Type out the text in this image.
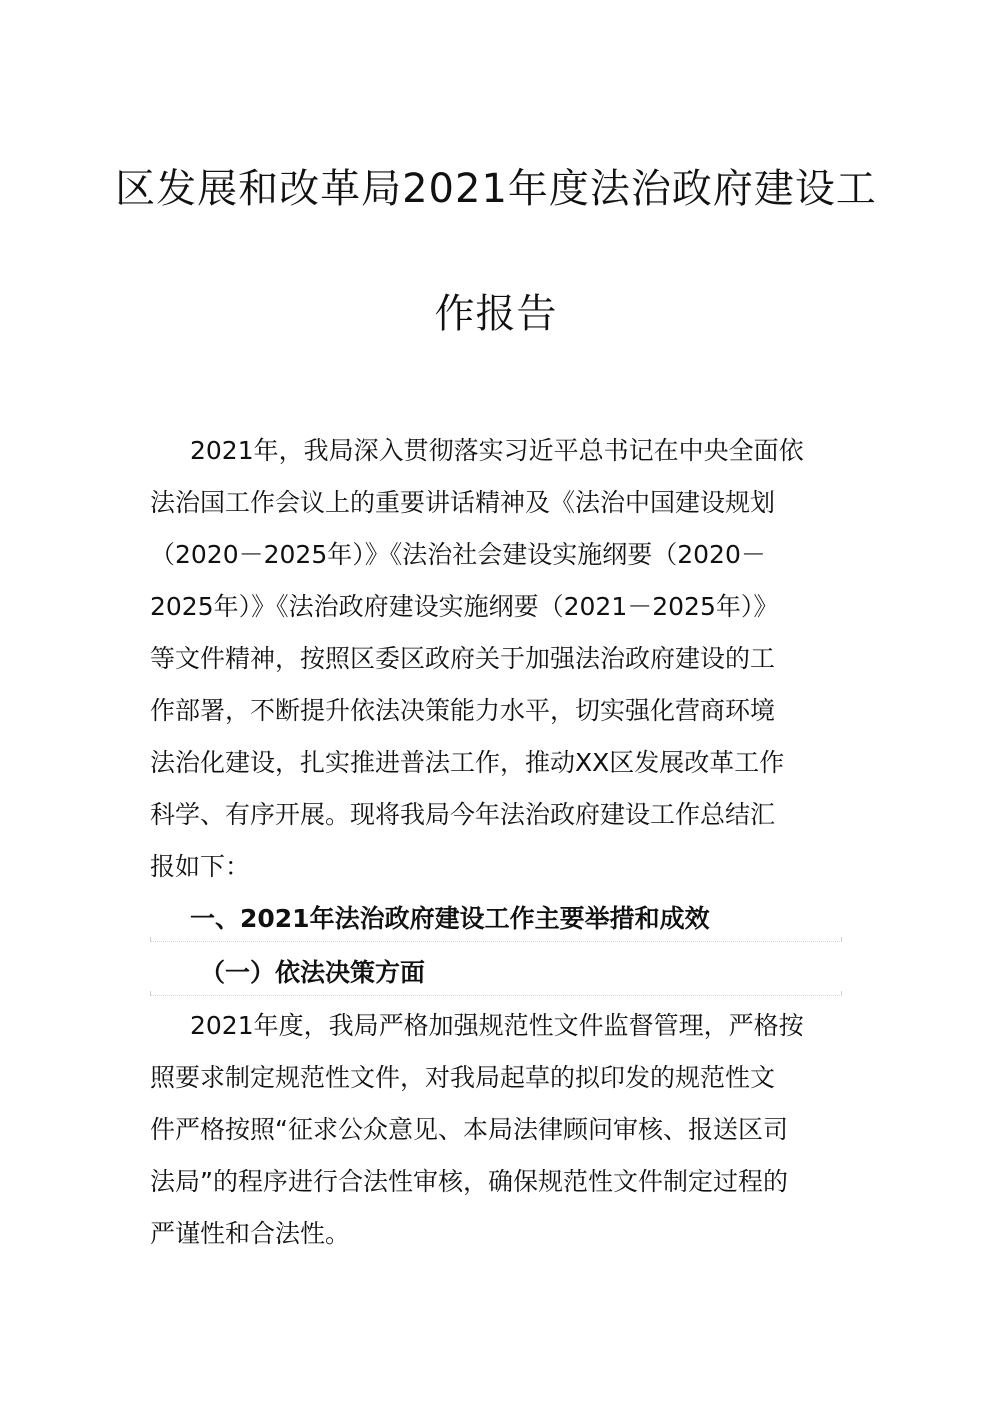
区发展和改革局2021年度法治政府建设工
作报告
2021年，我局深入贯彻落实习近平总书记在中央全面依
法治国工作会议上的重要讲话精神及《法治中国建设规划
（2020－2025年）》《法治社会建设实施纲要（2020－
2025年）》《法治政府建设实施纲要（2021－2025年）》
等文件精神，按照区委区政府关于加强法治政府建设的工
作部署，不断提升依法决策能力水平，切实强化营商环境
法治化建设，扎实推进普法工作，推动XX区发展改革工作
科学、有序开展。现将我局今年法治政府建设工作总结汇
报如下：
一、2021年法治政府建设工作主要举措和成效
（一）依法决策方面
2021年度，我局严格加强规范性文件监督管理，严格按
照要求制定规范性文件，对我局起草的拟印发的规范性文
件严格按照“征求公众意见、本局法律顾问审核、报送区司
法局”的程序进行合法性审核，确保规范性文件制定过程的
严谨性和合法性。
